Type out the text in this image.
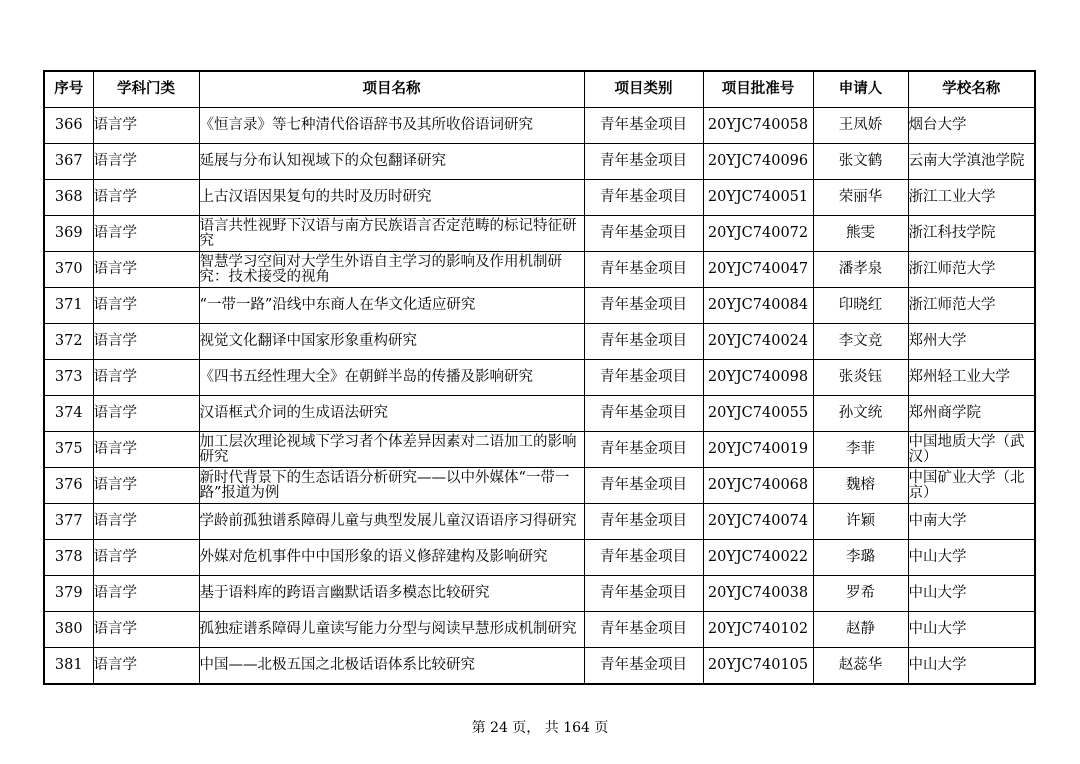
序号	学科门类	项目名称	项目类别	项目批准号	申请人	学校名称
366	语言学	《恒言录》等七种清代俗语辞书及其所收俗语词研究	青年基金项目	20YJC740058	王凤娇	烟台大学
367	语言学	延展与分布认知视域下的众包翻译研究	青年基金项目	20YJC740096	张文鹤	云南大学滇池学院
368	语言学	上古汉语因果复句的共时及历时研究	青年基金项目	20YJC740051	荣丽华	浙江工业大学
369	语言学	语言共性视野下汉语与南方民族语言否定范畴的标记特征研究	青年基金项目	20YJC740072	熊雯	浙江科技学院
370	语言学	智慧学习空间对大学生外语自主学习的影响及作用机制研究：技术接受的视角	青年基金项目	20YJC740047	潘孝泉	浙江师范大学
371	语言学	“一带一路”沿线中东商人在华文化适应研究	青年基金项目	20YJC740084	印晓红	浙江师范大学
372	语言学	视觉文化翻译中国家形象重构研究	青年基金项目	20YJC740024	李文竞	郑州大学
373	语言学	《四书五经性理大全》在朝鲜半岛的传播及影响研究	青年基金项目	20YJC740098	张炎钰	郑州轻工业大学
374	语言学	汉语框式介词的生成语法研究	青年基金项目	20YJC740055	孙文统	郑州商学院
375	语言学	加工层次理论视域下学习者个体差异因素对二语加工的影响研究	青年基金项目	20YJC740019	李菲	中国地质大学（武汉）
376	语言学	新时代背景下的生态话语分析研究——以中外媒体“一带一路”报道为例	青年基金项目	20YJC740068	魏榕	中国矿业大学（北京）
377	语言学	学龄前孤独谱系障碍儿童与典型发展儿童汉语语序习得研究	青年基金项目	20YJC740074	许颖	中南大学
378	语言学	外媒对危机事件中中国形象的语义修辞建构及影响研究	青年基金项目	20YJC740022	李璐	中山大学
379	语言学	基于语料库的跨语言幽默话语多模态比较研究	青年基金项目	20YJC740038	罗希	中山大学
380	语言学	孤独症谱系障碍儿童读写能力分型与阅读早慧形成机制研究	青年基金项目	20YJC740102	赵静	中山大学
381	语言学	中国——北极五国之北极话语体系比较研究	青年基金项目	20YJC740105	赵蕊华	中山大学
第 24 页， 共 164 页
